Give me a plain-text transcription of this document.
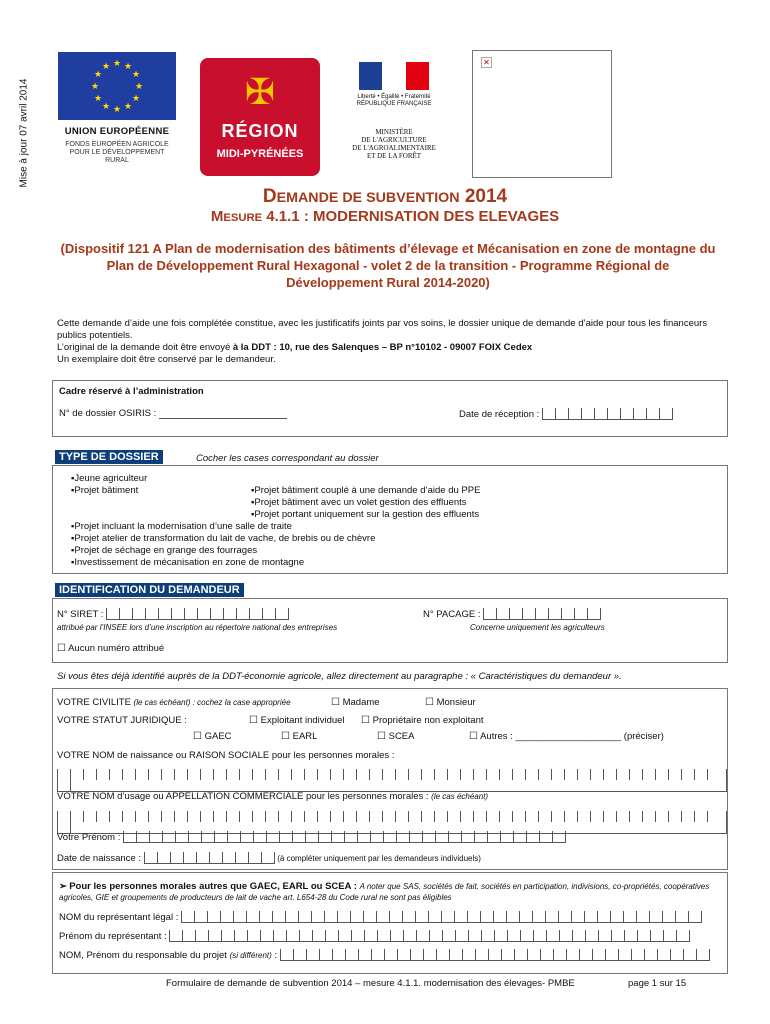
Mise à jour 07 avril 2014
★ ★
★
★
★
★
★
★
★
★
★
★
UNION EUROPÉENNE
FONDS EUROPÉEN AGRICOLE
POUR LE DÉVELOPPEMENT RURAL
✠
RÉGION
MIDI-PYRÉNÉES
Liberté • Égalité • Fraternité
RÉPUBLIQUE FRANÇAISE
MINISTÈRE
DE L'AGRICULTURE
DE L'AGROALIMENTAIRE
ET DE LA FORÊT
✕
DEMANDE DE SUBVENTION 2014
MESURE 4.1.1 : MODERNISATION DES ELEVAGES
(Dispositif 121 A Plan de modernisation des bâtiments d’élevage et Mécanisation en zone de montagne du Plan de Développement Rural Hexagonal - volet 2 de la transition - Programme Régional de Développement Rural 2014-2020)
Cette demande d’aide une fois complétée constitue, avec les justificatifs joints par vos soins, le dossier unique de demande d’aide pour tous les financeurs publics potentiels.
L’original de la demande doit être envoyé à la DDT : 10, rue des Salenques – BP n°10102 - 09007 FOIX Cedex
Un exemplaire doit être conservé par le demandeur.
Cadre réservé à l’administration
N° de dossier OSIRIS :	Date de réception :
TYPE DE DOSSIER	Cocher les cases correspondant au dossier
▪Jeune agriculteur
▪Projet bâtiment	▪Projet bâtiment couplé à une demande d’aide du PPE
▪Projet bâtiment avec un volet gestion des effluents
▪Projet portant uniquement sur la gestion des effluents
▪Projet incluant la modernisation d’une salle de traite
▪Projet atelier de transformation du lait de vache, de brebis ou de chèvre
▪Projet de séchage en grange des fourrages
▪Investissement de mécanisation en zone de montagne
IDENTIFICATION DU DEMANDEUR
N° SIRET :
attribué par l’INSEE lors d’une inscription au répertoire national des entreprises
N° PACAGE :
Concerne uniquement les agriculteurs
☐ Aucun numéro attribué
Si vous êtes déjà identifié auprès de la DDT-économie agricole, allez directement au paragraphe : « Caractéristiques du demandeur ».
VOTRE CIVILITE (le cas échéant) : cochez la case appropriée	☐ Madame	☐ Monsieur
VOTRE STATUT JURIDIQUE :	☐ Exploitant individuel ☐ Propriétaire non exploitant
☐ GAEC	☐ EARL	☐ SCEA	☐ Autres : ____________________ (préciser)
VOTRE NOM de naissance ou RAISON SOCIALE pour les personnes morales :
VOTRE NOM d’usage ou APPELLATION COMMERCIALE pour les personnes morales : (le cas échéant)
Votre Prénom :
Date de naissance :	(à compléter uniquement par les demandeurs individuels)
➢ Pour les personnes morales autres que GAEC, EARL ou SCEA : A noter que SAS, sociétés de fait, sociétés en participation, indivisions, co-propriétés, coopératives agricoles, GIE et groupements de producteurs de lait de vache art. L654-28 du Code rural ne sont pas éligibles
NOM du représentant légal :
Prénom du représentant :
NOM, Prénom du responsable du projet (si différent) :
Formulaire de demande de subvention 2014 – mesure 4.1.1. modernisation des élevages- PMBE	page 1 sur 15
